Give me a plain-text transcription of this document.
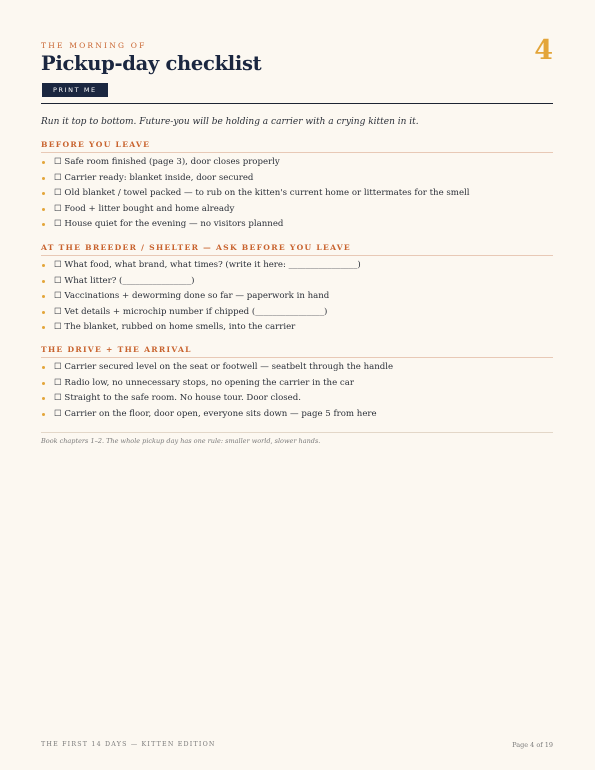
THE MORNING OF	4
Pickup-day checklist
PRINT ME
Run it top to bottom. Future-you will be holding a carrier with a crying kitten in it.
BEFORE YOU LEAVE
☐ Safe room finished (page 3), door closes properly
☐ Carrier ready: blanket inside, door secured
☐ Old blanket / towel packed — to rub on the kitten's current home or littermates for the smell
☐ Food + litter bought and home already
☐ House quiet for the evening — no visitors planned
AT THE BREEDER / SHELTER — ASK BEFORE YOU LEAVE
☐ What food, what brand, what times? (write it here: ________________)
☐ What litter? (________________)
☐ Vaccinations + deworming done so far — paperwork in hand
☐ Vet details + microchip number if chipped (________________)
☐ The blanket, rubbed on home smells, into the carrier
THE DRIVE + THE ARRIVAL
☐ Carrier secured level on the seat or footwell — seatbelt through the handle
☐ Radio low, no unnecessary stops, no opening the carrier in the car
☐ Straight to the safe room. No house tour. Door closed.
☐ Carrier on the floor, door open, everyone sits down — page 5 from here
Book chapters 1–2. The whole pickup day has one rule: smaller world, slower hands.
THE FIRST 14 DAYS — KITTEN EDITION	Page 4 of 19
